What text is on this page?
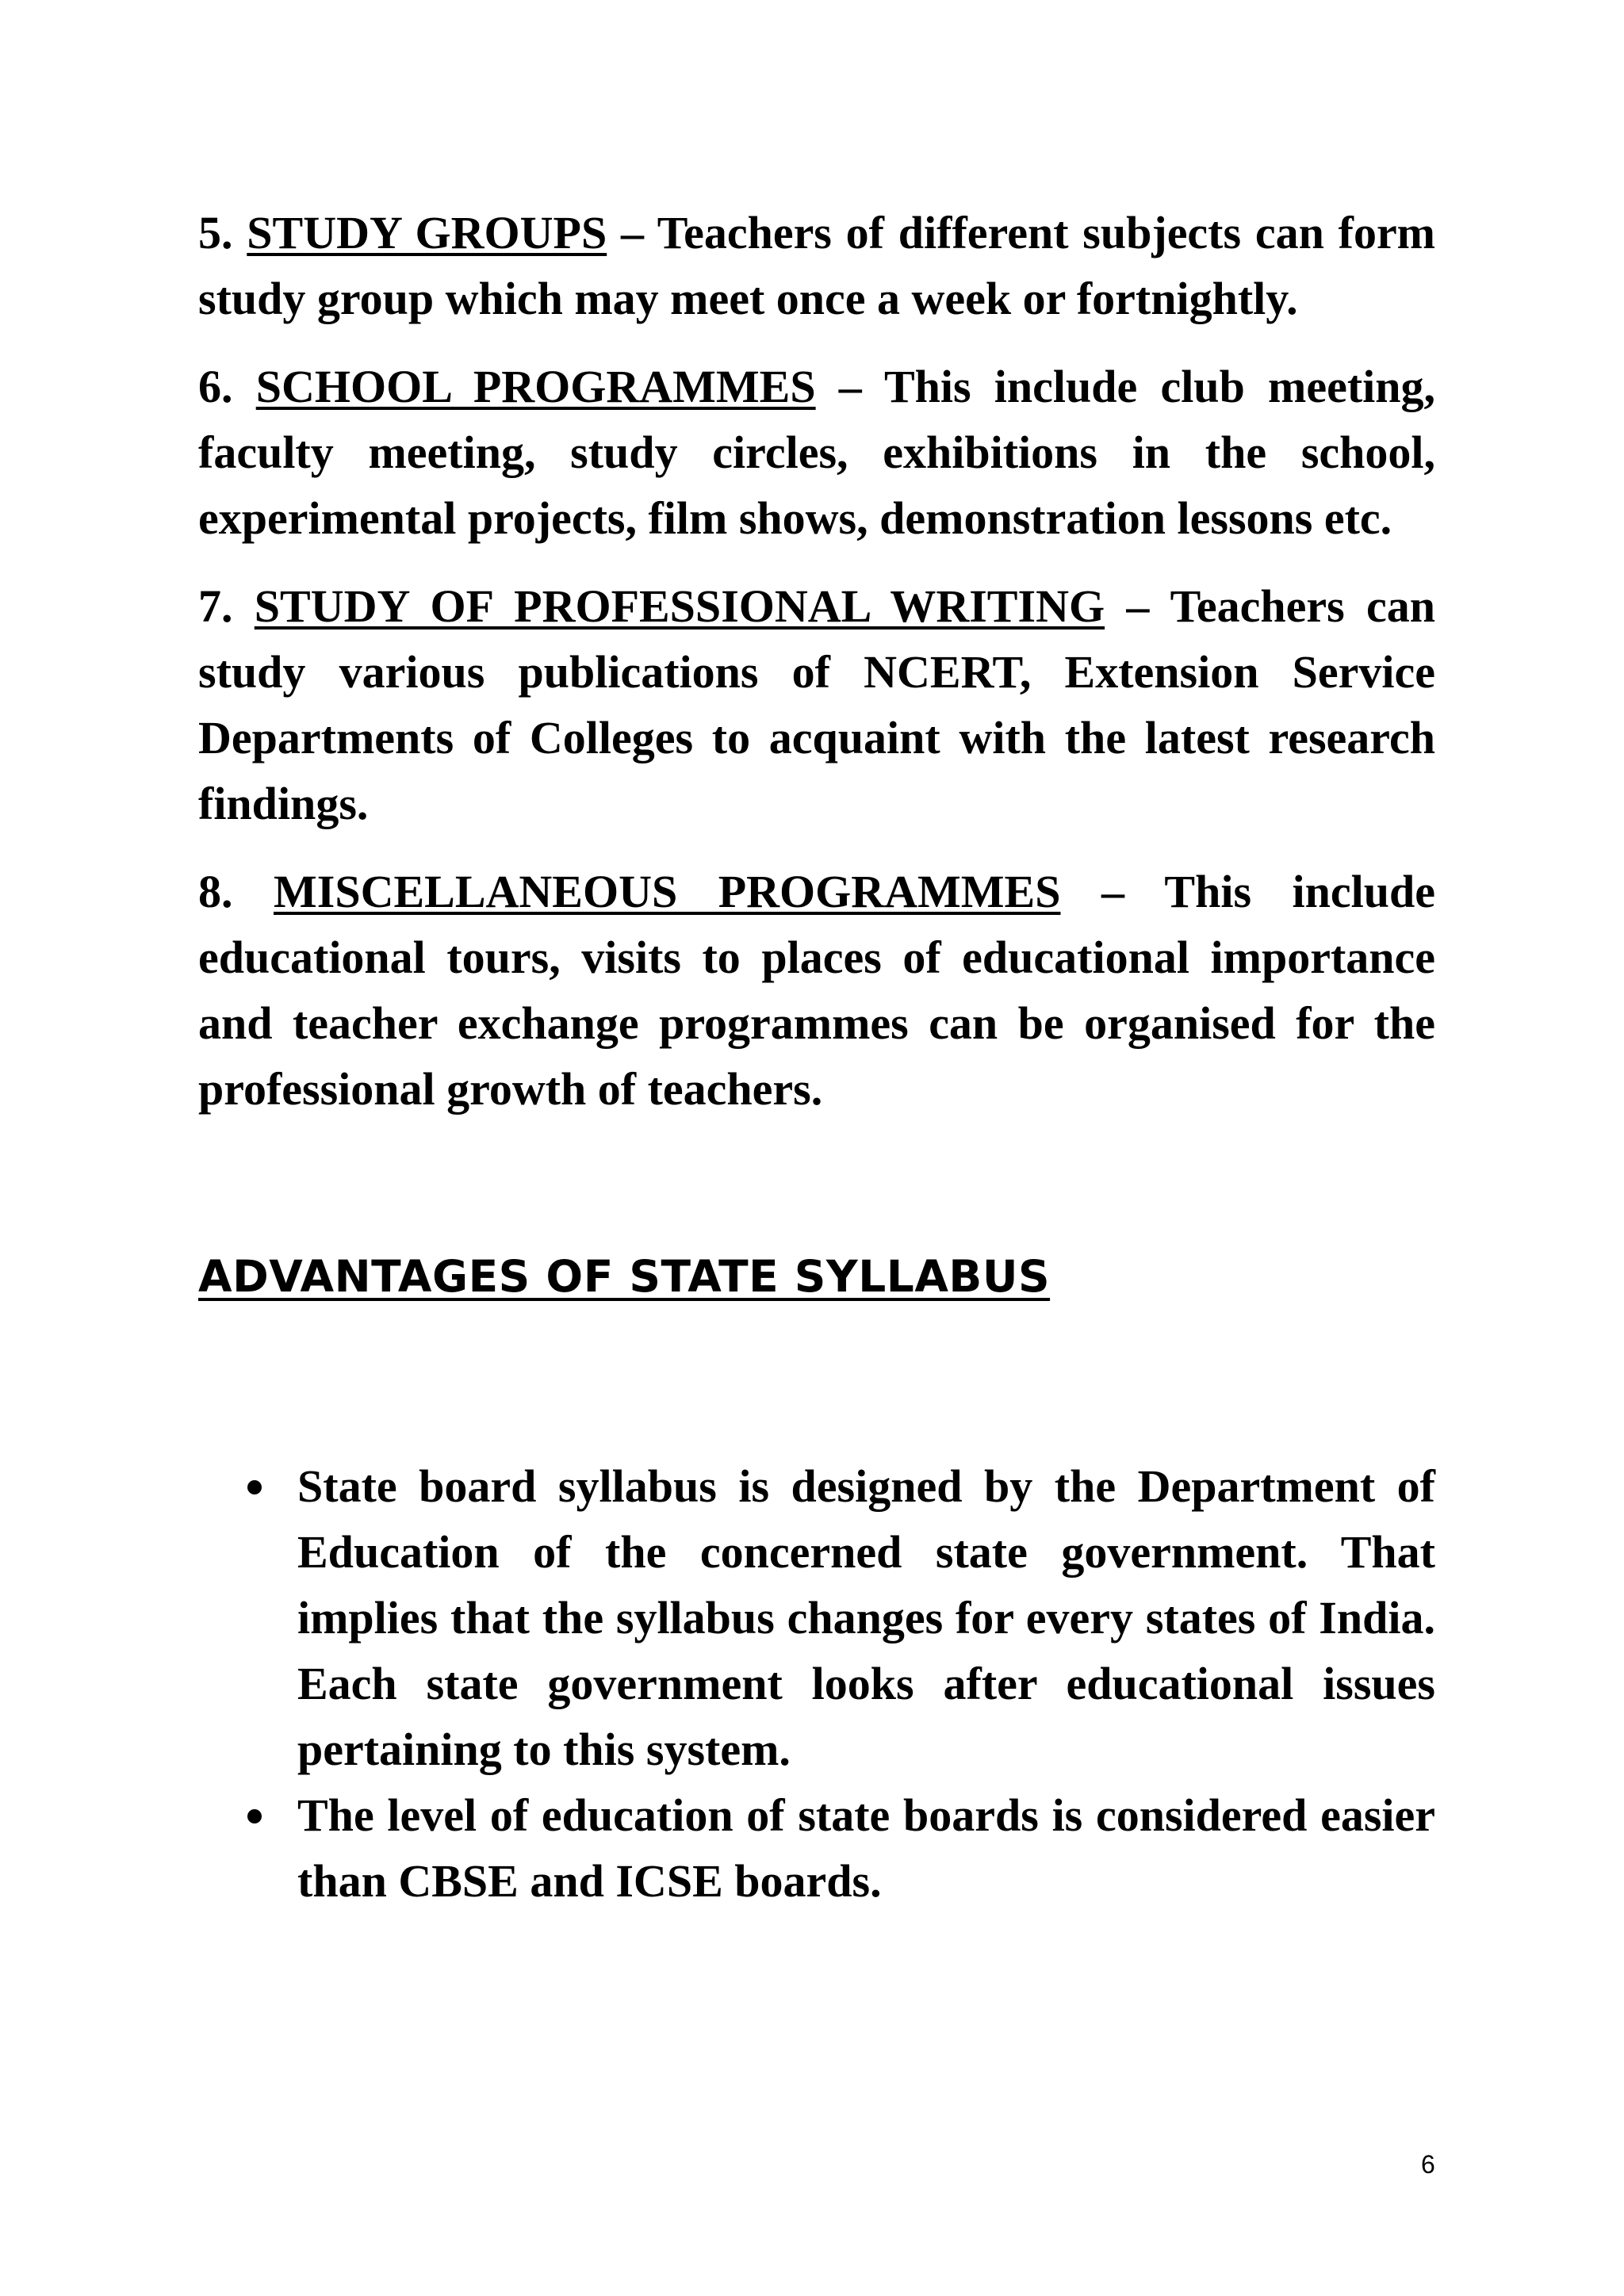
5. STUDY GROUPS – Teachers of different subjects can form study group which may meet once a week or fortnightly.

6. SCHOOL PROGRAMMES – This include club meeting, faculty meeting, study circles, exhibitions in the school, experimental projects, film shows, demonstration lessons etc.

7. STUDY OF PROFESSIONAL WRITING – Teachers can study various publications of NCERT, Extension Service Departments of Colleges to acquaint with the latest research findings.

8. MISCELLANEOUS PROGRAMMES – This include educational tours, visits to places of educational importance and teacher exchange programmes can be organised for the professional growth of teachers.

ADVANTAGES OF STATE SYLLABUS
State board syllabus is designed by the Department of Education of the concerned state government. That implies that the syllabus changes for every states of India. Each state government looks after educational issues pertaining to this system.
The level of education of state boards is considered easier than CBSE and ICSE boards.
6
